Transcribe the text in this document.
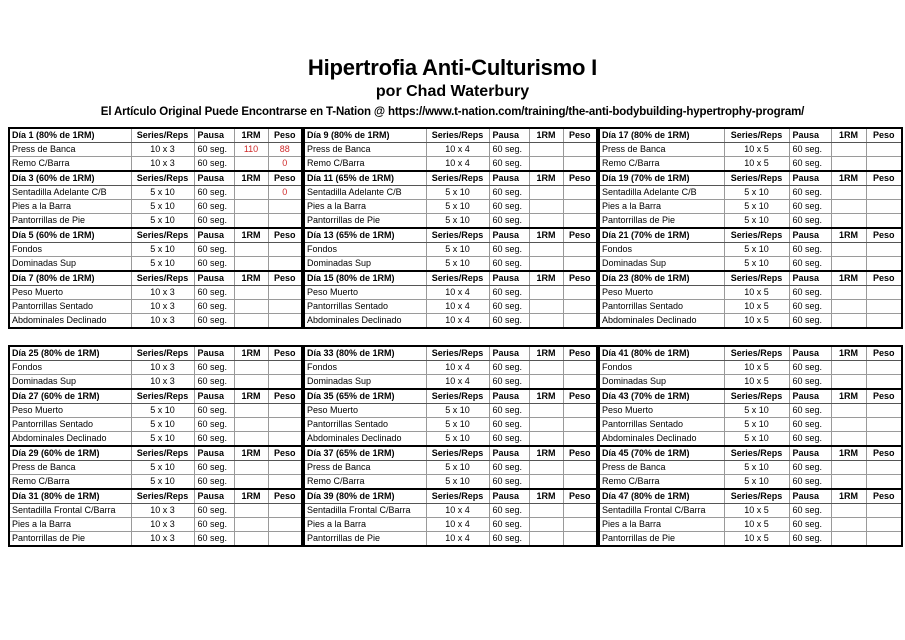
Hipertrofia Anti-Culturismo I
por Chad Waterbury
El Artículo Original Puede Encontrarse en T-Nation @ https://www.t-nation.com/training/the-anti-bodybuilding-hypertrophy-program/
Día 1 (80% de 1RM)	Series/Reps	Pausa	1RM	Peso
Press de Banca	10 x 3	60 seg.	110	88
Remo C/Barra	10 x 3	60 seg.		0
Día 3 (60% de 1RM)	Series/Reps	Pausa	1RM	Peso
Sentadilla Adelante C/B	5 x 10	60 seg.		0
Pies a la Barra	5 x 10	60 seg.		
Pantorrillas de Pie	5 x 10	60 seg.		
Día 5 (60% de 1RM)	Series/Reps	Pausa	1RM	Peso
Fondos	5 x 10	60 seg.		
Dominadas Sup	5 x 10	60 seg.		
Día 7 (80% de 1RM)	Series/Reps	Pausa	1RM	Peso
Peso Muerto	10 x 3	60 seg.		
Pantorrillas Sentado	10 x 3	60 seg.		
Abdominales Declinado	10 x 3	60 seg.		
Día 9 (80% de 1RM)	Series/Reps	Pausa	1RM	Peso
Press de Banca	10 x 4	60 seg.		
Remo C/Barra	10 x 4	60 seg.		
Día 11 (65% de 1RM)	Series/Reps	Pausa	1RM	Peso
Sentadilla Adelante C/B	5 x 10	60 seg.		
Pies a la Barra	5 x 10	60 seg.		
Pantorrillas de Pie	5 x 10	60 seg.		
Día 13 (65% de 1RM)	Series/Reps	Pausa	1RM	Peso
Fondos	5 x 10	60 seg.		
Dominadas Sup	5 x 10	60 seg.		
Día 15 (80% de 1RM)	Series/Reps	Pausa	1RM	Peso
Peso Muerto	10 x 4	60 seg.		
Pantorrillas Sentado	10 x 4	60 seg.		
Abdominales Declinado	10 x 4	60 seg.		
Día 17 (80% de 1RM)	Series/Reps	Pausa	1RM	Peso
Press de Banca	10 x 5	60 seg.		
Remo C/Barra	10 x 5	60 seg.		
Día 19 (70% de 1RM)	Series/Reps	Pausa	1RM	Peso
Sentadilla Adelante C/B	5 x 10	60 seg.		
Pies a la Barra	5 x 10	60 seg.		
Pantorrillas de Pie	5 x 10	60 seg.		
Día 21 (70% de 1RM)	Series/Reps	Pausa	1RM	Peso
Fondos	5 x 10	60 seg.		
Dominadas Sup	5 x 10	60 seg.		
Día 23 (80% de 1RM)	Series/Reps	Pausa	1RM	Peso
Peso Muerto	10 x 5	60 seg.		
Pantorrillas Sentado	10 x 5	60 seg.		
Abdominales Declinado	10 x 5	60 seg.		
Día 25 (80% de 1RM)	Series/Reps	Pausa	1RM	Peso
Fondos	10 x 3	60 seg.		
Dominadas Sup	10 x 3	60 seg.		
Día 27 (60% de 1RM)	Series/Reps	Pausa	1RM	Peso
Peso Muerto	5 x 10	60 seg.		
Pantorrillas Sentado	5 x 10	60 seg.		
Abdominales Declinado	5 x 10	60 seg.		
Día 29 (60% de 1RM)	Series/Reps	Pausa	1RM	Peso
Press de Banca	5 x 10	60 seg.		
Remo C/Barra	5 x 10	60 seg.		
Día 31 (80% de 1RM)	Series/Reps	Pausa	1RM	Peso
Sentadilla Frontal C/Barra	10 x 3	60 seg.		
Pies a la Barra	10 x 3	60 seg.		
Pantorrillas de Pie	10 x 3	60 seg.		
Día 33 (80% de 1RM)	Series/Reps	Pausa	1RM	Peso
Fondos	10 x 4	60 seg.		
Dominadas Sup	10 x 4	60 seg.		
Día 35 (65% de 1RM)	Series/Reps	Pausa	1RM	Peso
Peso Muerto	5 x 10	60 seg.		
Pantorrillas Sentado	5 x 10	60 seg.		
Abdominales Declinado	5 x 10	60 seg.		
Día 37 (65% de 1RM)	Series/Reps	Pausa	1RM	Peso
Press de Banca	5 x 10	60 seg.		
Remo C/Barra	5 x 10	60 seg.		
Día 39 (80% de 1RM)	Series/Reps	Pausa	1RM	Peso
Sentadilla Frontal C/Barra	10 x 4	60 seg.		
Pies a la Barra	10 x 4	60 seg.		
Pantorrillas de Pie	10 x 4	60 seg.		
Día 41 (80% de 1RM)	Series/Reps	Pausa	1RM	Peso
Fondos	10 x 5	60 seg.		
Dominadas Sup	10 x 5	60 seg.		
Día 43 (70% de 1RM)	Series/Reps	Pausa	1RM	Peso
Peso Muerto	5 x 10	60 seg.		
Pantorrillas Sentado	5 x 10	60 seg.		
Abdominales Declinado	5 x 10	60 seg.		
Día 45 (70% de 1RM)	Series/Reps	Pausa	1RM	Peso
Press de Banca	5 x 10	60 seg.		
Remo C/Barra	5 x 10	60 seg.		
Día 47 (80% de 1RM)	Series/Reps	Pausa	1RM	Peso
Sentadilla Frontal C/Barra	10 x 5	60 seg.		
Pies a la Barra	10 x 5	60 seg.		
Pantorrillas de Pie	10 x 5	60 seg.		
